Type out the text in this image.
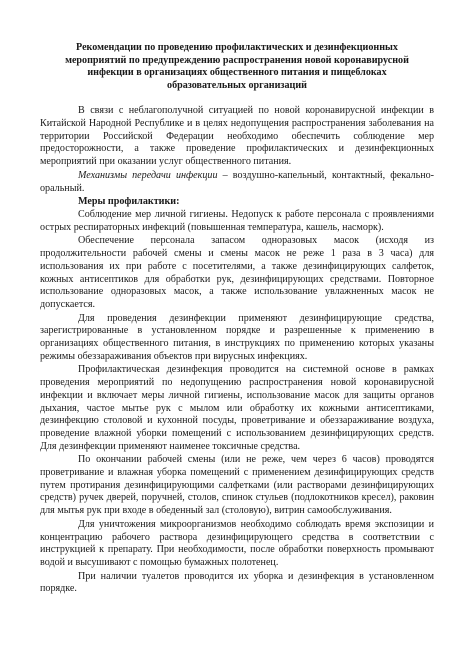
Рекомендации по проведению профилактических и дезинфекционных
мероприятий по предупреждению распространения новой коронавирусной
инфекции в организациях общественного питания и пищеблоках
образовательных организаций

В связи с неблагополучной ситуацией по новой коронавирусной инфекции в Китайской Народной Республике и в целях недопущения распространения заболевания на территории Российской Федерации необходимо обеспечить соблюдение мер предосторожности, а также проведение профилактических и дезинфекционных мероприятий при оказании услуг общественного питания.

Механизмы передачи инфекции – воздушно-капельный, контактный, фекально-оральный.

Меры профилактики:

Соблюдение мер личной гигиены. Недопуск к работе персонала с проявлениями острых респираторных инфекций (повышенная температура, кашель, насморк).

Обеспечение персонала запасом одноразовых масок (исходя из продолжительности рабочей смены и смены масок не реже 1 раза в 3 часа) для использования их при работе с посетителями, а также дезинфицирующих салфеток, кожных антисептиков для обработки рук, дезинфицирующих средствами. Повторное использование одноразовых масок, а также использование увлажненных масок не допускается.

Для проведения дезинфекции применяют дезинфицирующие средства, зарегистрированные в установленном порядке и разрешенные к применению в организациях общественного питания, в инструкциях по применению которых указаны режимы обеззараживания объектов при вирусных инфекциях.

Профилактическая дезинфекция проводится на системной основе в рамках проведения мероприятий по недопущению распространения новой коронавирусной инфекции и включает меры личной гигиены, использование масок для защиты органов дыхания, частое мытье рук с мылом или обработку их кожными антисептиками, дезинфекцию столовой и кухонной посуды, проветривание и обеззараживание воздуха, проведение влажной уборки помещений с использованием дезинфицирующих средств. Для дезинфекции применяют наименее токсичные средства.

По окончании рабочей смены (или не реже, чем через 6 часов) проводятся проветривание и влажная уборка помещений с применением дезинфицирующих средств путем протирания дезинфицирующими салфетками (или растворами дезинфицирующих средств) ручек дверей, поручней, столов, спинок стульев (подлокотников кресел), раковин для мытья рук при входе в обеденный зал (столовую), витрин самообслуживания.

Для уничтожения микроорганизмов необходимо соблюдать время экспозиции и концентрацию рабочего раствора дезинфицирующего средства в соответствии с инструкцией к препарату. При необходимости, после обработки поверхность промывают водой и высушивают с помощью бумажных полотенец.

При наличии туалетов проводится их уборка и дезинфекция в установленном порядке.
